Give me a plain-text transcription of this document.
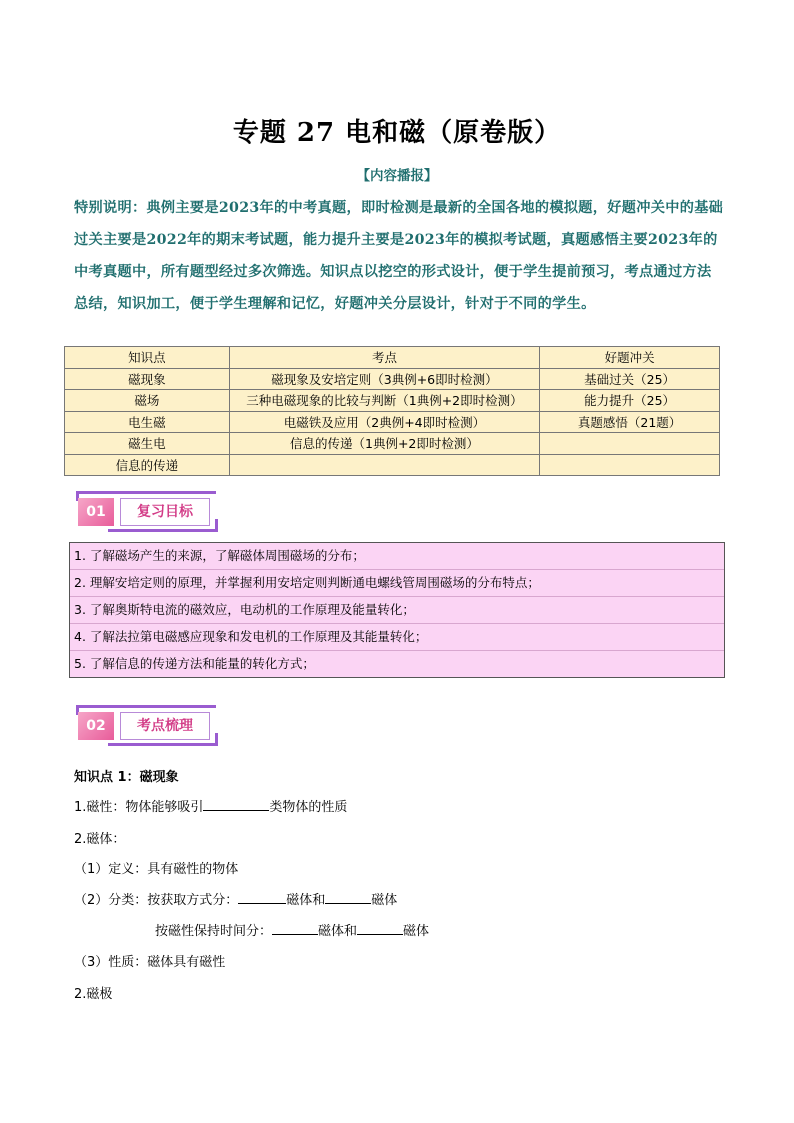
专题 27 电和磁（原卷版）
【内容播报】
特别说明：典例主要是2023年的中考真题，即时检测是最新的全国各地的模拟题，好题冲关中的基础过关主要是2022年的期末考试题，能力提升主要是2023年的模拟考试题，真题感悟主要2023年的中考真题中，所有题型经过多次筛选。知识点以挖空的形式设计，便于学生提前预习，考点通过方法总结，知识加工，便于学生理解和记忆，好题冲关分层设计，针对于不同的学生。
知识点	考点	好题冲关
磁现象	磁现象及安培定则（3典例+6即时检测）	基础过关（25）
磁场	三种电磁现象的比较与判断（1典例+2即时检测）	能力提升（25）
电生磁	电磁铁及应用（2典例+4即时检测）	真题感悟（21题）
磁生电	信息的传递（1典例+2即时检测）	
信息的传递		
01	复习目标
1. 了解磁场产生的来源，了解磁体周围磁场的分布；
2. 理解安培定则的原理，并掌握利用安培定则判断通电螺线管周围磁场的分布特点；
3. 了解奥斯特电流的磁效应，电动机的工作原理及能量转化；
4. 了解法拉第电磁感应现象和发电机的工作原理及其能量转化；
5. 了解信息的传递方法和能量的转化方式；
02	考点梳理
知识点 1：磁现象
1.磁性：物体能够吸引	类物体的性质
2.磁体：
（1）定义：具有磁性的物体
（2）分类：按获取方式分：	磁体和	磁体
按磁性保持时间分：	磁体和	磁体
（3）性质：磁体具有磁性
2.磁极
